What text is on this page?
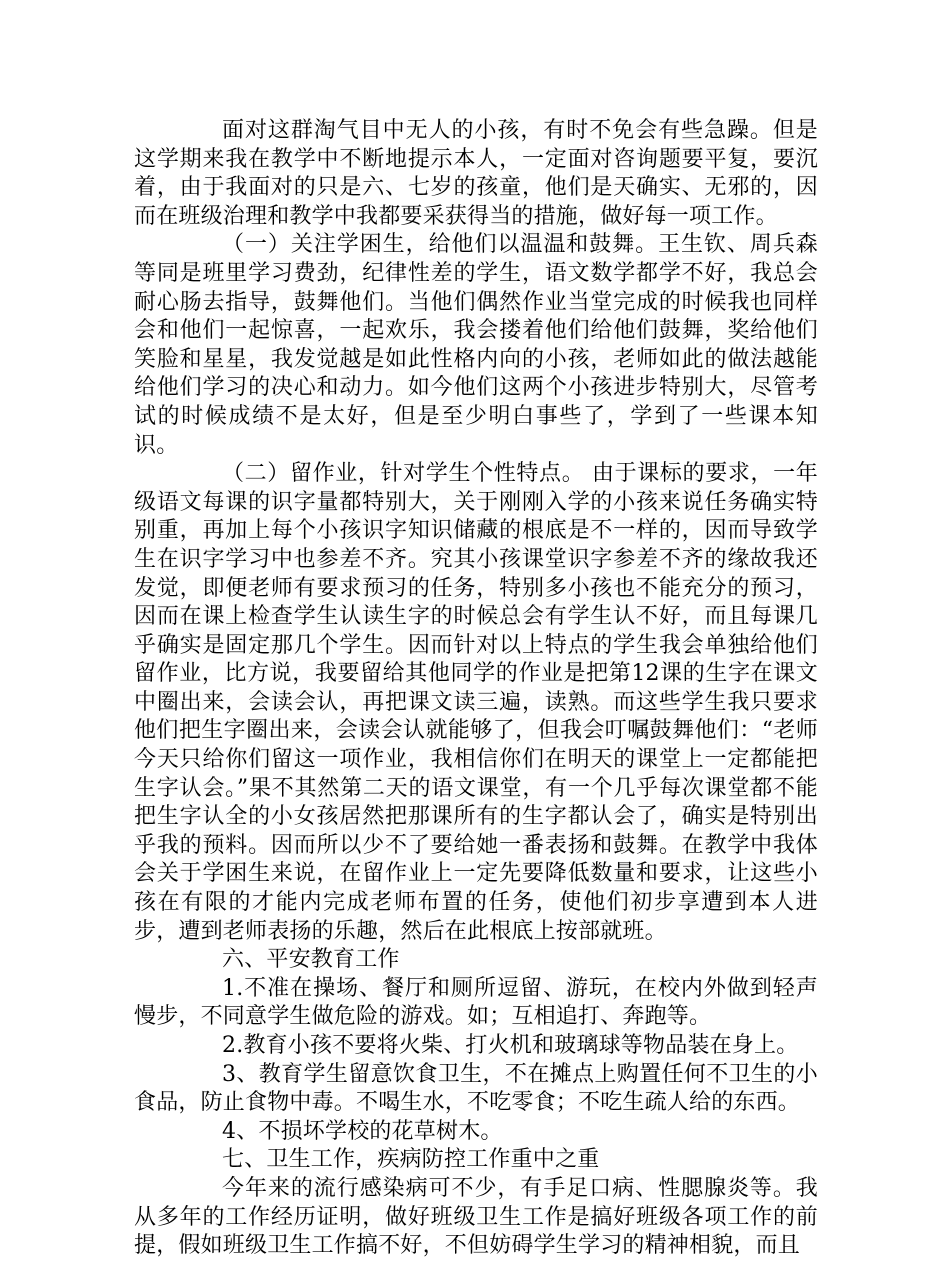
面对这群淘气目中无人的小孩，有时不免会有些急躁。但是这学期来我在教学中不断地提示本人，一定面对咨询题要平复，要沉着，由于我面对的只是六、七岁的孩童，他们是天确实、无邪的，因而在班级治理和教学中我都要采获得当的措施，做好每一项工作。

（一）关注学困生，给他们以温温和鼓舞。王生钦、周兵森等同是班里学习费劲，纪律性差的学生，语文数学都学不好，我总会耐心肠去指导，鼓舞他们。当他们偶然作业当堂完成的时候我也同样会和他们一起惊喜，一起欢乐，我会搂着他们给他们鼓舞，奖给他们笑脸和星星，我发觉越是如此性格内向的小孩，老师如此的做法越能给他们学习的决心和动力。如今他们这两个小孩进步特别大，尽管考试的时候成绩不是太好，但是至少明白事些了，学到了一些课本知识。

（二）留作业，针对学生个性特点。 由于课标的要求，一年级语文每课的识字量都特别大，关于刚刚入学的小孩来说任务确实特别重，再加上每个小孩识字知识储藏的根底是不一样的，因而导致学生在识字学习中也参差不齐。究其小孩课堂识字参差不齐的缘故我还发觉，即便老师有要求预习的任务，特别多小孩也不能充分的预习，因而在课上检查学生认读生字的时候总会有学生认不好，而且每课几乎确实是固定那几个学生。因而针对以上特点的学生我会单独给他们留作业，比方说，我要留给其他同学的作业是把第12课的生字在课文中圈出来，会读会认，再把课文读三遍，读熟。而这些学生我只要求他们把生字圈出来，会读会认就能够了，但我会叮嘱鼓舞他们：“老师今天只给你们留这一项作业，我相信你们在明天的课堂上一定都能把生字认会。”果不其然第二天的语文课堂，有一个几乎每次课堂都不能把生字认全的小女孩居然把那课所有的生字都认会了，确实是特别出乎我的预料。因而所以少不了要给她一番表扬和鼓舞。在教学中我体会关于学困生来说，在留作业上一定先要降低数量和要求，让这些小孩在有限的才能内完成老师布置的任务，使他们初步享遭到本人进步，遭到老师表扬的乐趣，然后在此根底上按部就班。

六、平安教育工作

1.不准在操场、餐厅和厕所逗留、游玩，在校内外做到轻声慢步，不同意学生做危险的游戏。如；互相追打、奔跑等。

2.教育小孩不要将火柴、打火机和玻璃球等物品装在身上。

3、教育学生留意饮食卫生，不在摊点上购置任何不卫生的小食品，防止食物中毒。不喝生水，不吃零食；不吃生疏人给的东西。

4、不损坏学校的花草树木。

七、卫生工作，疾病防控工作重中之重

今年来的流行感染病可不少，有手足口病、性腮腺炎等。我从多年的工作经历证明，做好班级卫生工作是搞好班级各项工作的前提，假如班级卫生工作搞不好，不但妨碍学生学习的精神相貌，而且
